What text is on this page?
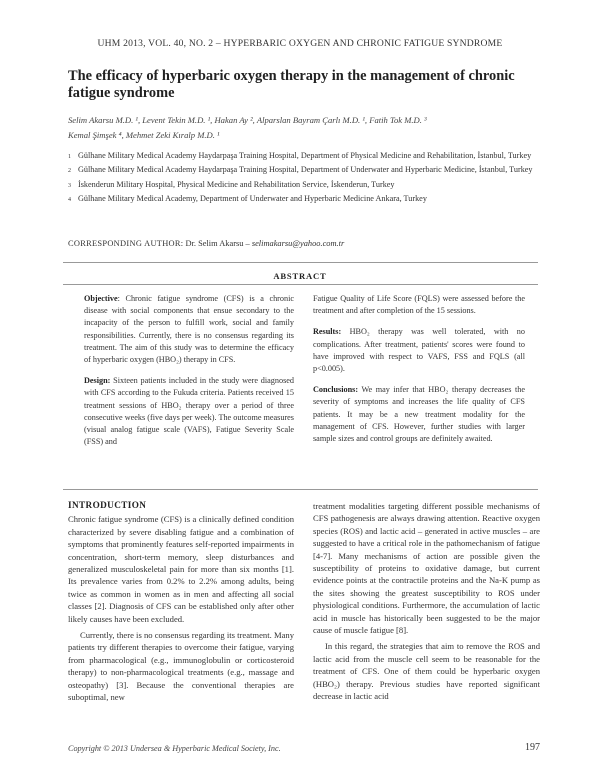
UHM 2013, VOL. 40, NO. 2 – HYPERBARIC OXYGEN AND CHRONIC FATIGUE SYNDROME
The efficacy of hyperbaric oxygen therapy in the management of chronic fatigue syndrome
Selim Akarsu M.D. ¹, Levent Tekin M.D. ¹, Hakan Ay ², Alparslan Bayram Çarlı M.D. ¹, Fatih Tok M.D. ³
Kemal Şimşek ⁴, Mehmet Zeki Kıralp M.D. ¹
1 Gülhane Military Medical Academy Haydarpaşa Training Hospital, Department of Physical Medicine and Rehabilitation, İstanbul, Turkey
2 Gülhane Military Medical Academy Haydarpaşa Training Hospital, Department of Underwater and Hyperbaric Medicine, İstanbul, Turkey
3 İskenderun Military Hospital, Physical Medicine and Rehabilitation Service, İskenderun, Turkey
4 Gülhane Military Medical Academy, Department of Underwater and Hyperbaric Medicine Ankara, Turkey
CORRESPONDING AUTHOR: Dr. Selim Akarsu – selimakarsu@yahoo.com.tr
ABSTRACT

Objective: Chronic fatigue syndrome (CFS) is a chronic disease with social components that ensue secondary to the incapacity of the person to fulfill work, social and family responsibilities. Currently, there is no consensus regarding its treatment. The aim of this study was to determine the efficacy of hyperbaric oxygen (HBO₂) therapy in CFS.

Design: Sixteen patients included in the study were diagnosed with CFS according to the Fukuda criteria. Patients received 15 treatment sessions of HBO₂ therapy over a period of three consecutive weeks (five days per week). The outcome measures (visual analog fatigue scale (VAFS), Fatigue Severity Scale (FSS) and

Fatigue Quality of Life Score (FQLS) were assessed before the treatment and after completion of the 15 sessions.

Results: HBO₂ therapy was well tolerated, with no complications. After treatment, patients' scores were found to have improved with respect to VAFS, FSS and FQLS (all p<0.005).

Conclusions: We may infer that HBO₂ therapy decreases the severity of symptoms and increases the life quality of CFS patients. It may be a new treatment modality for the management of CFS. However, further studies with larger sample sizes and control groups are definitely awaited.

INTRODUCTION

Chronic fatigue syndrome (CFS) is a clinically defined condition characterized by severe disabling fatigue and a combination of symptoms that prominently features self-reported impairments in concentration, short-term memory, sleep disturbances and generalized musculoskeletal pain for more than six months [1]. Its prevalence varies from 0.2% to 2.2% among adults, being twice as common in women as in men and affecting all social classes [2]. Diagnosis of CFS can be established only after other likely causes have been excluded.

Currently, there is no consensus regarding its treatment. Many patients try different therapies to overcome their fatigue, varying from pharmacological (e.g., immunoglobulin or corticosteroid therapy) to non-pharmacological treatments (e.g., massage and osteopathy) [3]. Because the conventional therapies are suboptimal, new

treatment modalities targeting different possible mechanisms of CFS pathogenesis are always drawing attention. Reactive oxygen species (ROS) and lactic acid – generated in active muscles – are suggested to have a critical role in the pathomechanism of fatigue [4-7]. Many mechanisms of action are possible given the susceptibility of proteins to oxidative damage, but current evidence points at the contractile proteins and the Na-K pump as the sites showing the greatest susceptibility to ROS under physiological conditions. Furthermore, the accumulation of lactic acid in muscle has historically been suggested to be the major cause of muscle fatigue [8].

In this regard, the strategies that aim to remove the ROS and lactic acid from the muscle cell seem to be reasonable for the treatment of CFS. One of them could be hyperbaric oxygen (HBO₂) therapy. Previous studies have reported significant decrease in lactic acid

Copyright © 2013 Undersea & Hyperbaric Medical Society, Inc.	197
